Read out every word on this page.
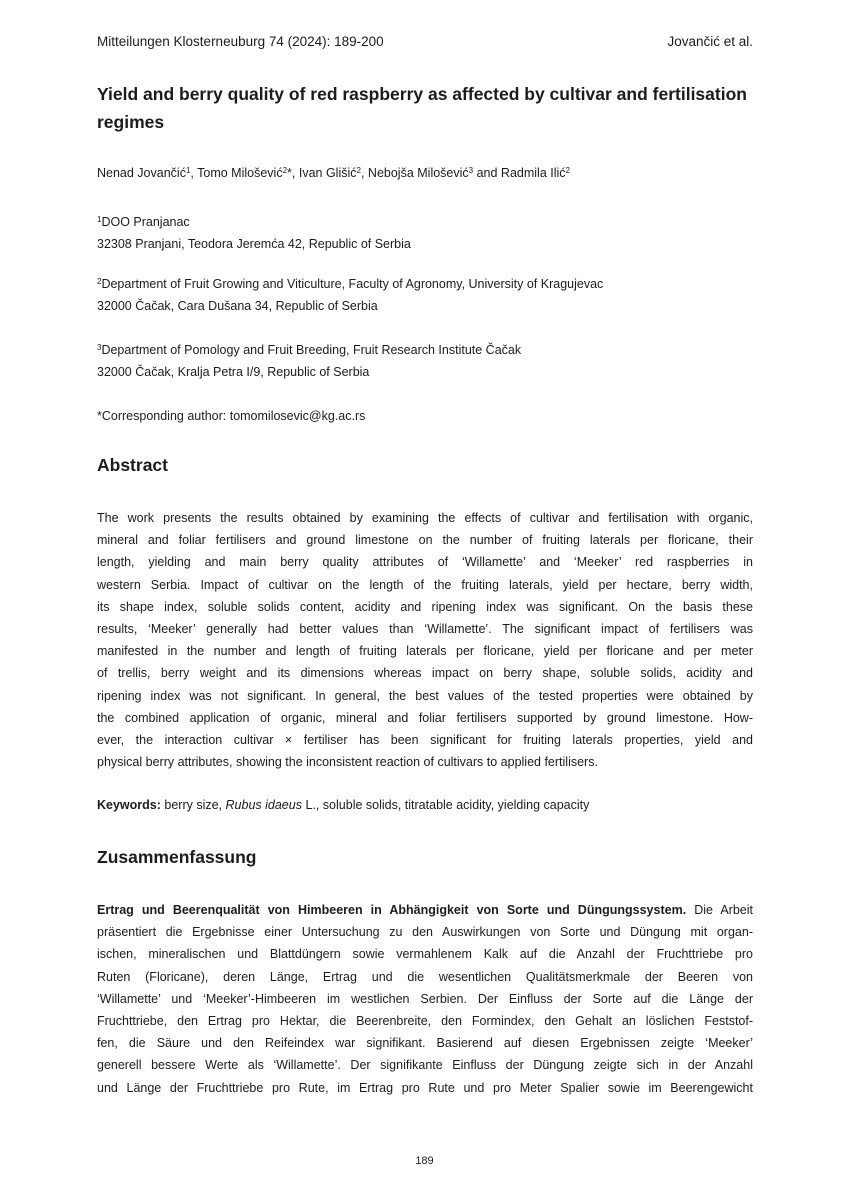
Mitteilungen Klosterneuburg 74 (2024): 189-200	Jovančić et al.
Yield and berry quality of red raspberry as affected by cultivar and fertilisation regimes
Nenad Jovančić$^1$, Tomo Milošević$^2$*, Ivan Glišić$^2$, Nebojša Milošević$^3$ and Radmila Ilić$^2$
$^1$DOO Pranjanac
32308 Pranjani, Teodora Jeremća 42, Republic of Serbia
$^2$Department of Fruit Growing and Viticulture, Faculty of Agronomy, University of Kragujevac
32000 Čačak, Cara Dušana 34, Republic of Serbia
$^3$Department of Pomology and Fruit Breeding, Fruit Research Institute Čačak
32000 Čačak, Kralja Petra I/9, Republic of Serbia
*Corresponding author: tomomilosevic@kg.ac.rs
Abstract
The work presents the results obtained by examining the effects of cultivar and fertilisation with organic,
mineral and foliar fertilisers and ground limestone on the number of fruiting laterals per floricane, their
length, yielding and main berry quality attributes of ‘Willamette’ and ‘Meeker’ red raspberries in
western Serbia. Impact of cultivar on the length of the fruiting laterals, yield per hectare, berry width,
its shape index, soluble solids content, acidity and ripening index was significant. On the basis these
results, ‘Meeker’ generally had better values than ‘Willamette’. The significant impact of fertilisers was
manifested in the number and length of fruiting laterals per floricane, yield per floricane and per meter
of trellis, berry weight and its dimensions whereas impact on berry shape, soluble solids, acidity and
ripening index was not significant. In general, the best values of the tested properties were obtained by
the combined application of organic, mineral and foliar fertilisers supported by ground limestone. How-
ever, the interaction cultivar × fertiliser has been significant for fruiting laterals properties, yield and
physical berry attributes, showing the inconsistent reaction of cultivars to applied fertilisers.
Keywords: berry size, Rubus idaeus L., soluble solids, titratable acidity, yielding capacity
Zusammenfassung
Ertrag und Beerenqualität von Himbeeren in Abhängigkeit von Sorte und Düngungssystem. Die Arbeit
präsentiert die Ergebnisse einer Untersuchung zu den Auswirkungen von Sorte und Düngung mit organ-
ischen, mineralischen und Blattdüngern sowie vermahlenem Kalk auf die Anzahl der Fruchttriebe pro
Ruten (Floricane), deren Länge, Ertrag und die wesentlichen Qualitätsmerkmale der Beeren von
‘Willamette’ und ‘Meeker’-Himbeeren im westlichen Serbien. Der Einfluss der Sorte auf die Länge der
Fruchttriebe, den Ertrag pro Hektar, die Beerenbreite, den Formindex, den Gehalt an löslichen Feststof-
fen, die Säure und den Reifeindex war signifikant. Basierend auf diesen Ergebnissen zeigte ‘Meeker’
generell bessere Werte als ‘Willamette’. Der signifikante Einfluss der Düngung zeigte sich in der Anzahl
und Länge der Fruchttriebe pro Rute, im Ertrag pro Rute und pro Meter Spalier sowie im Beerengewicht
189
